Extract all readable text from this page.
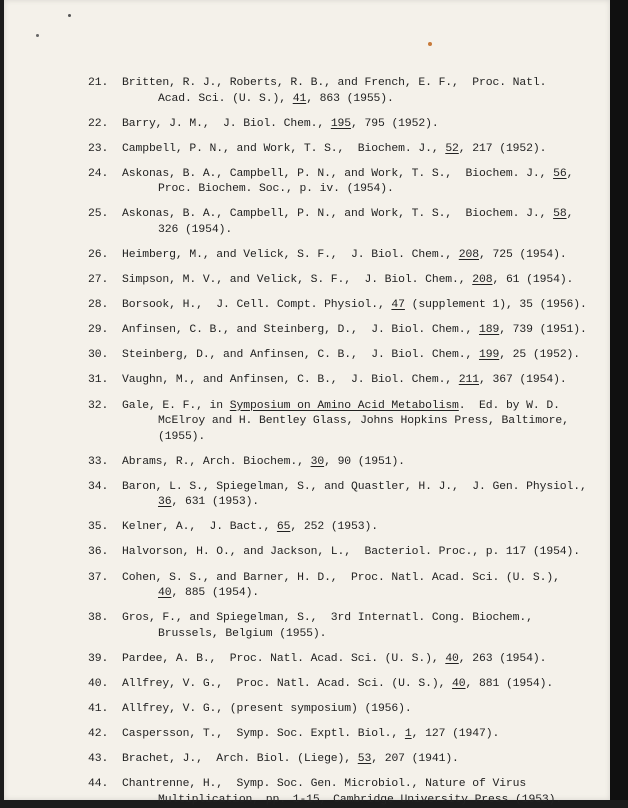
21.	Britten, R. J., Roberts, R. B., and French, E. F.,  Proc. Natl.
Acad. Sci. (U. S.), 41, 863 (1955).
22.	Barry, J. M.,  J. Biol. Chem., 195, 795 (1952).
23.	Campbell, P. N., and Work, T. S.,  Biochem. J., 52, 217 (1952).
24.	Askonas, B. A., Campbell, P. N., and Work, T. S.,  Biochem. J., 56,
Proc. Biochem. Soc., p. iv. (1954).
25.	Askonas, B. A., Campbell, P. N., and Work, T. S.,  Biochem. J., 58,
326 (1954).
26.	Heimberg, M., and Velick, S. F.,  J. Biol. Chem., 208, 725 (1954).
27.	Simpson, M. V., and Velick, S. F.,  J. Biol. Chem., 208, 61 (1954).
28.	Borsook, H.,  J. Cell. Compt. Physiol., 47 (supplement 1), 35 (1956).
29.	Anfinsen, C. B., and Steinberg, D.,  J. Biol. Chem., 189, 739 (1951).
30.	Steinberg, D., and Anfinsen, C. B.,  J. Biol. Chem., 199, 25 (1952).
31.	Vaughn, M., and Anfinsen, C. B.,  J. Biol. Chem., 211, 367 (1954).
32.	Gale, E. F., in Symposium on Amino Acid Metabolism.  Ed. by W. D.
McElroy and H. Bentley Glass, Johns Hopkins Press, Baltimore,
(1955).
33.	Abrams, R., Arch. Biochem., 30, 90 (1951).
34.	Baron, L. S., Spiegelman, S., and Quastler, H. J.,  J. Gen. Physiol.,
36, 631 (1953).
35.	Kelner, A.,  J. Bact., 65, 252 (1953).
36.	Halvorson, H. O., and Jackson, L.,  Bacteriol. Proc., p. 117 (1954).
37.	Cohen, S. S., and Barner, H. D.,  Proc. Natl. Acad. Sci. (U. S.),
40, 885 (1954).
38.	Gros, F., and Spiegelman, S.,  3rd Internatl. Cong. Biochem.,
Brussels, Belgium (1955).
39.	Pardee, A. B.,  Proc. Natl. Acad. Sci. (U. S.), 40, 263 (1954).
40.	Allfrey, V. G.,  Proc. Natl. Acad. Sci. (U. S.), 40, 881 (1954).
41.	Allfrey, V. G., (present symposium) (1956).
42.	Caspersson, T.,  Symp. Soc. Exptl. Biol., 1, 127 (1947).
43.	Brachet, J.,  Arch. Biol. (Liege), 53, 207 (1941).
44.	Chantrenne, H.,  Symp. Soc. Gen. Microbiol., Nature of Virus
Multiplication, pp. 1-15, Cambridge University Press (1953).
